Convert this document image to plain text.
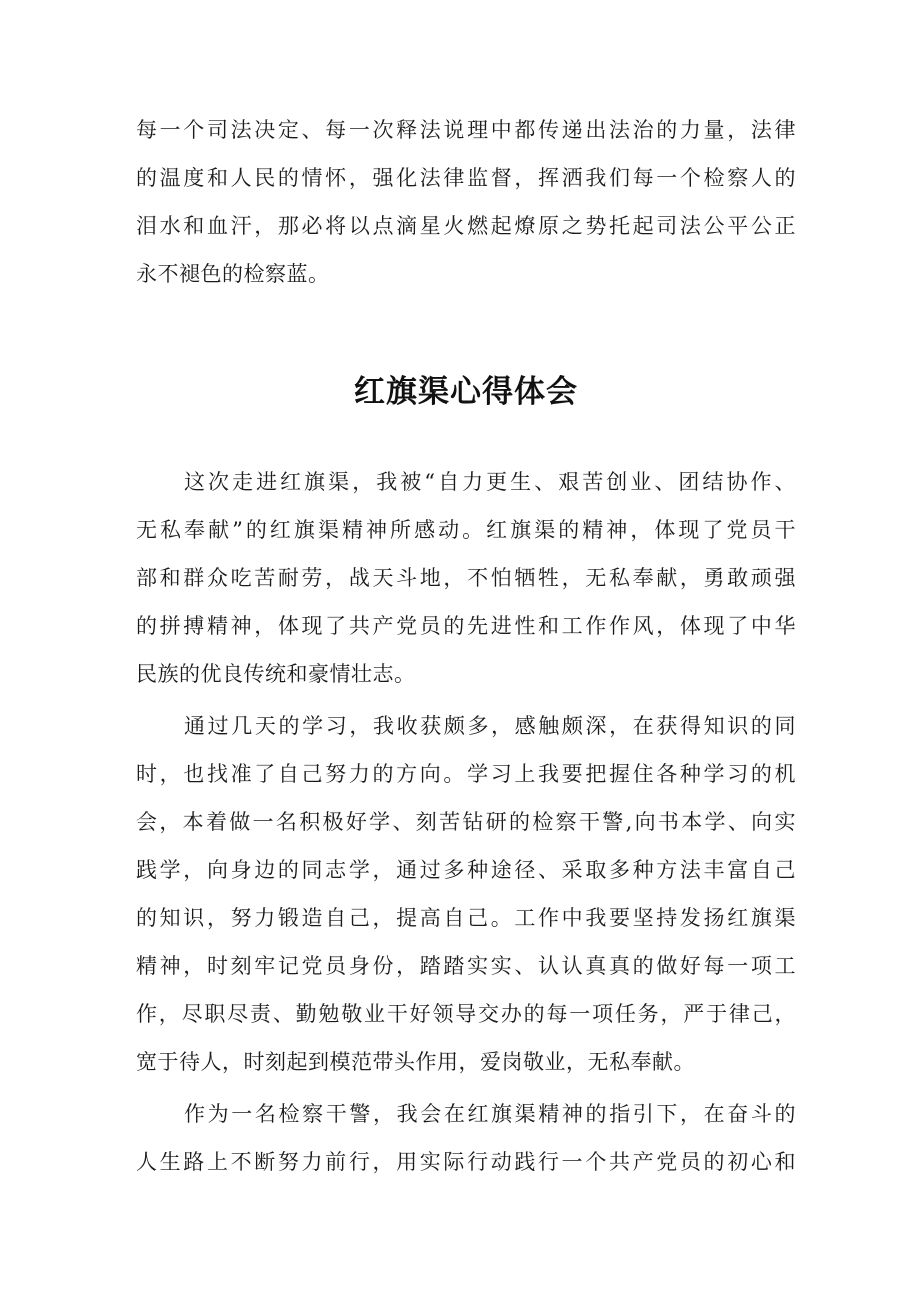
每一个司法决定、每一次释法说理中都传递出法治的力量，法律
的温度和人民的情怀，强化法律监督，挥洒我们每一个检察人的
泪水和血汗，那必将以点滴星火燃起燎原之势托起司法公平公正
永不褪色的检察蓝。
红旗渠心得体会
这次走进红旗渠，我被“自力更生、艰苦创业、团结协作、
无私奉献”的红旗渠精神所感动。红旗渠的精神，体现了党员干
部和群众吃苦耐劳，战天斗地，不怕牺牲，无私奉献，勇敢顽强
的拼搏精神，体现了共产党员的先进性和工作作风，体现了中华
民族的优良传统和豪情壮志。
通过几天的学习，我收获颇多，感触颇深，在获得知识的同
时，也找准了自己努力的方向。学习上我要把握住各种学习的机
会，本着做一名积极好学、刻苦钻研的检察干警,向书本学、向实
践学，向身边的同志学，通过多种途径、采取多种方法丰富自己
的知识，努力锻造自己，提高自己。工作中我要坚持发扬红旗渠
精神，时刻牢记党员身份，踏踏实实、认认真真的做好每一项工
作，尽职尽责、勤勉敬业干好领导交办的每一项任务，严于律己，
宽于待人，时刻起到模范带头作用，爱岗敬业，无私奉献。
作为一名检察干警，我会在红旗渠精神的指引下，在奋斗的
人生路上不断努力前行，用实际行动践行一个共产党员的初心和
